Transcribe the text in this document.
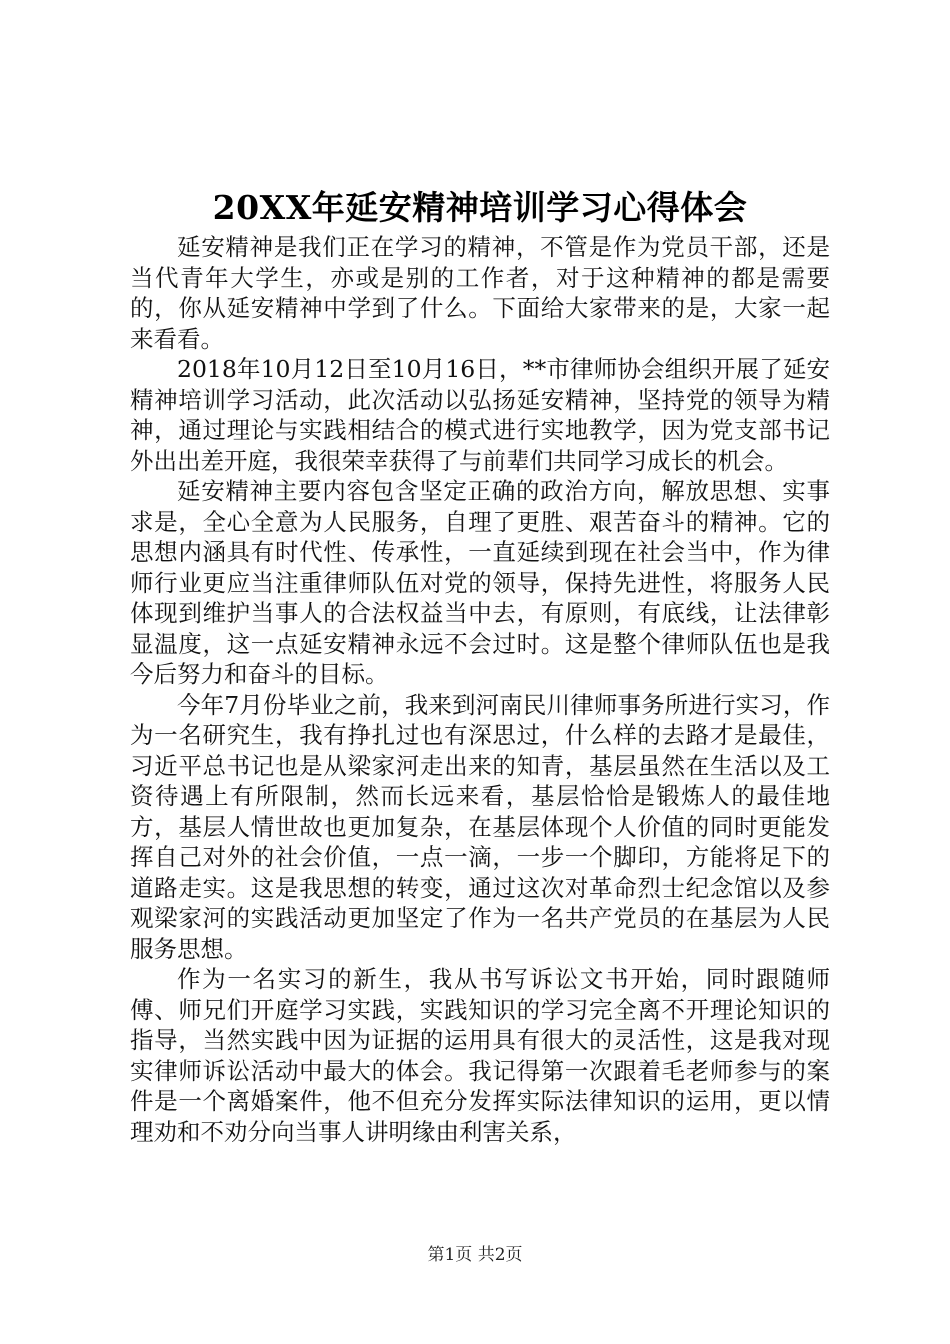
20XX年延安精神培训学习心得体会

延安精神是我们正在学习的精神，不管是作为党员干部，还是当代青年大学生，亦或是别的工作者，对于这种精神的都是需要的，你从延安精神中学到了什么。下面给大家带来的是，大家一起来看看。

2018年10月12日至10月16日，**市律师协会组织开展了延安精神培训学习活动，此次活动以弘扬延安精神，坚持党的领导为精神，通过理论与实践相结合的模式进行实地教学，因为党支部书记外出出差开庭，我很荣幸获得了与前辈们共同学习成长的机会。

延安精神主要内容包含坚定正确的政治方向，解放思想、实事求是，全心全意为人民服务，自理了更胜、艰苦奋斗的精神。它的思想内涵具有时代性、传承性，一直延续到现在社会当中，作为律师行业更应当注重律师队伍对党的领导，保持先进性，将服务人民体现到维护当事人的合法权益当中去，有原则，有底线，让法律彰显温度，这一点延安精神永远不会过时。这是整个律师队伍也是我今后努力和奋斗的目标。

今年7月份毕业之前，我来到河南民川律师事务所进行实习，作为一名研究生，我有挣扎过也有深思过，什么样的去路才是最佳，习近平总书记也是从梁家河走出来的知青，基层虽然在生活以及工资待遇上有所限制，然而长远来看，基层恰恰是锻炼人的最佳地方，基层人情世故也更加复杂，在基层体现个人价值的同时更能发挥自己对外的社会价值，一点一滴，一步一个脚印，方能将足下的道路走实。这是我思想的转变，通过这次对革命烈士纪念馆以及参观梁家河的实践活动更加坚定了作为一名共产党员的在基层为人民服务思想。

作为一名实习的新生，我从书写诉讼文书开始，同时跟随师傅、师兄们开庭学习实践，实践知识的学习完全离不开理论知识的指导，当然实践中因为证据的运用具有很大的灵活性，这是我对现实律师诉讼活动中最大的体会。我记得第一次跟着毛老师参与的案件是一个离婚案件，他不但充分发挥实际法律知识的运用，更以情理劝和不劝分向当事人讲明缘由利害关系，

第1页 共2页
